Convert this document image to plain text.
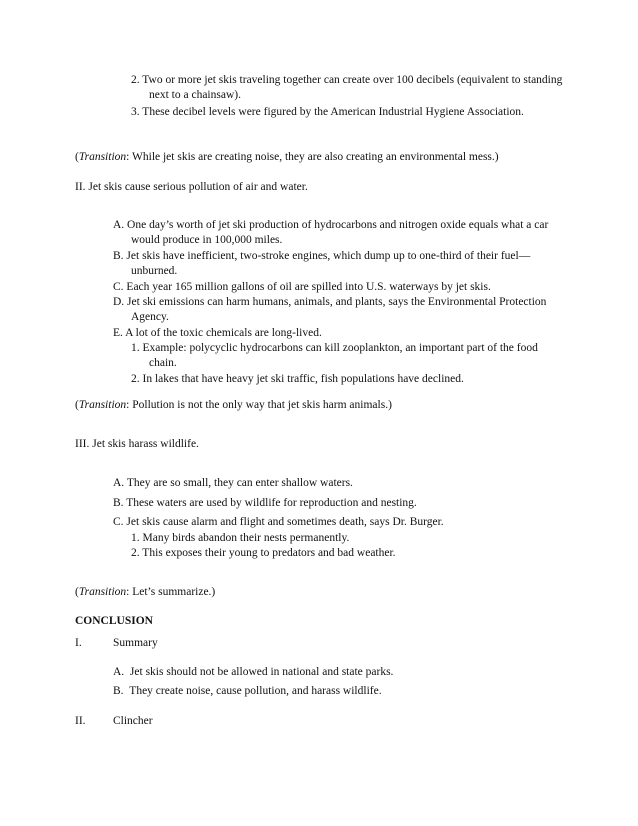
2. Two or more jet skis traveling together can create over 100 decibels (equivalent to standing
next to a chainsaw).
3. These decibel levels were figured by the American Industrial Hygiene Association.
(Transition: While jet skis are creating noise, they are also creating an environmental mess.)
II. Jet skis cause serious pollution of air and water.
A. One day’s worth of jet ski production of hydrocarbons and nitrogen oxide equals what a car
would produce in 100,000 miles.
B. Jet skis have inefficient, two-stroke engines, which dump up to one-third of their fuel—
unburned.
C. Each year 165 million gallons of oil are spilled into U.S. waterways by jet skis.
D. Jet ski emissions can harm humans, animals, and plants, says the Environmental Protection
Agency.
E. A lot of the toxic chemicals are long-lived.
1. Example: polycyclic hydrocarbons can kill zooplankton, an important part of the food
chain.
2. In lakes that have heavy jet ski traffic, fish populations have declined.
(Transition: Pollution is not the only way that jet skis harm animals.)
III. Jet skis harass wildlife.
A. They are so small, they can enter shallow waters.
B. These waters are used by wildlife for reproduction and nesting.
C. Jet skis cause alarm and flight and sometimes death, says Dr. Burger.
1. Many birds abandon their nests permanently.
2. This exposes their young to predators and bad weather.
(Transition: Let’s summarize.)
CONCLUSION
I.	Summary
A.  Jet skis should not be allowed in national and state parks.
B.  They create noise, cause pollution, and harass wildlife.
II. Clincher
